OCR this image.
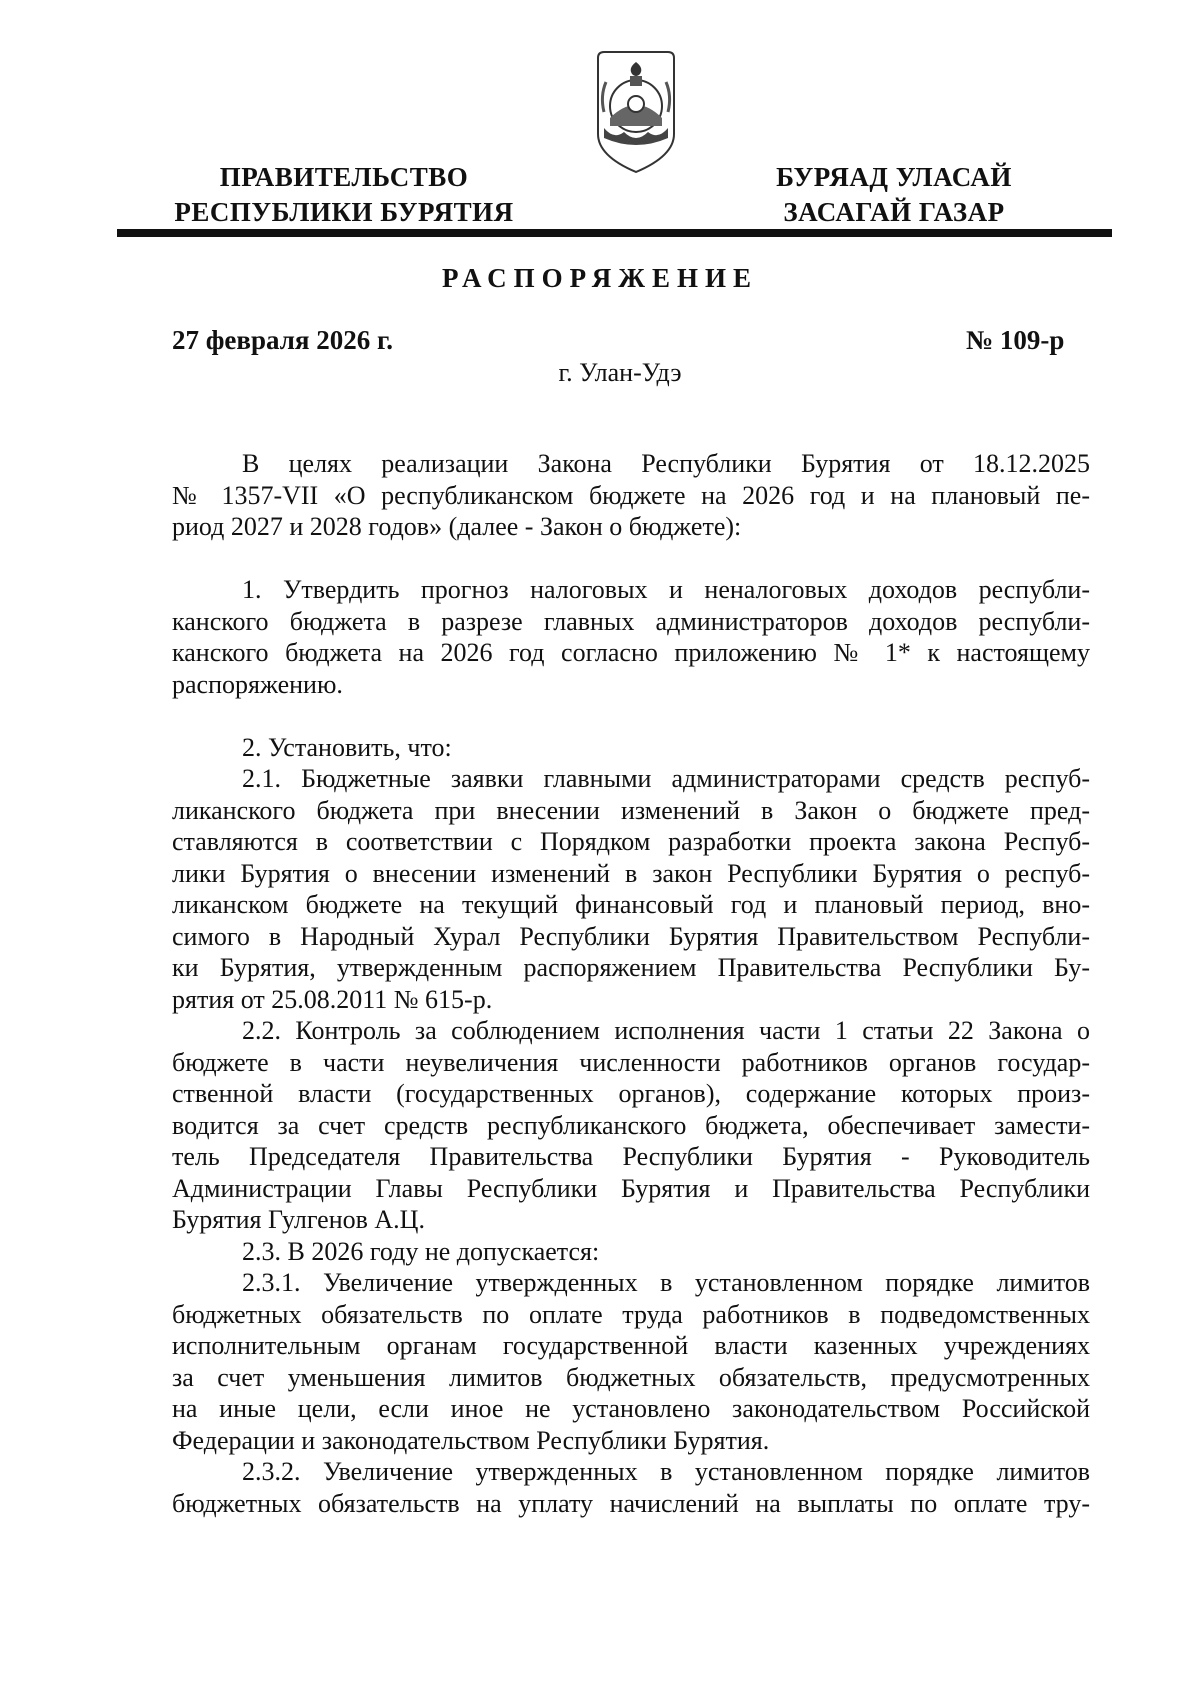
ПРАВИТЕЛЬСТВО
РЕСПУБЛИКИ БУРЯТИЯ
БУРЯАД УЛАСАЙ
ЗАСАГАЙ ГАЗАР
РАСПОРЯЖЕНИЕ
27 февраля 2026 г.	№ 109-р
г. Улан-Удэ
В целях реализации Закона Республики Бурятия от 18.12.2025
№ 1357-VII «О республиканском бюджете на 2026 год и на плановый пе-
риод 2027 и 2028 годов» (далее - Закон о бюджете):
1. Утвердить прогноз налоговых и неналоговых доходов республи-
канского бюджета в разрезе главных администраторов доходов республи-
канского бюджета на 2026 год согласно приложению № 1* к настоящему
распоряжению.
2. Установить, что:
2.1. Бюджетные заявки главными администраторами средств респуб-
ликанского бюджета при внесении изменений в Закон о бюджете пред-
ставляются в соответствии с Порядком разработки проекта закона Респуб-
лики Бурятия о внесении изменений в закон Республики Бурятия о респуб-
ликанском бюджете на текущий финансовый год и плановый период, вно-
симого в Народный Хурал Республики Бурятия Правительством Республи-
ки Бурятия, утвержденным распоряжением Правительства Республики Бу-
рятия от 25.08.2011 № 615-р.
2.2. Контроль за соблюдением исполнения части 1 статьи 22 Закона о
бюджете в части неувеличения численности работников органов государ-
ственной власти (государственных органов), содержание которых произ-
водится за счет средств республиканского бюджета, обеспечивает замести-
тель Председателя Правительства Республики Бурятия - Руководитель
Администрации Главы Республики Бурятия и Правительства Республики
Бурятия Гулгенов А.Ц.
2.3. В 2026 году не допускается:
2.3.1. Увеличение утвержденных в установленном порядке лимитов
бюджетных обязательств по оплате труда работников в подведомственных
исполнительным органам государственной власти казенных учреждениях
за счет уменьшения лимитов бюджетных обязательств, предусмотренных
на иные цели, если иное не установлено законодательством Российской
Федерации и законодательством Республики Бурятия.
2.3.2. Увеличение утвержденных в установленном порядке лимитов
бюджетных обязательств на уплату начислений на выплаты по оплате тру-
